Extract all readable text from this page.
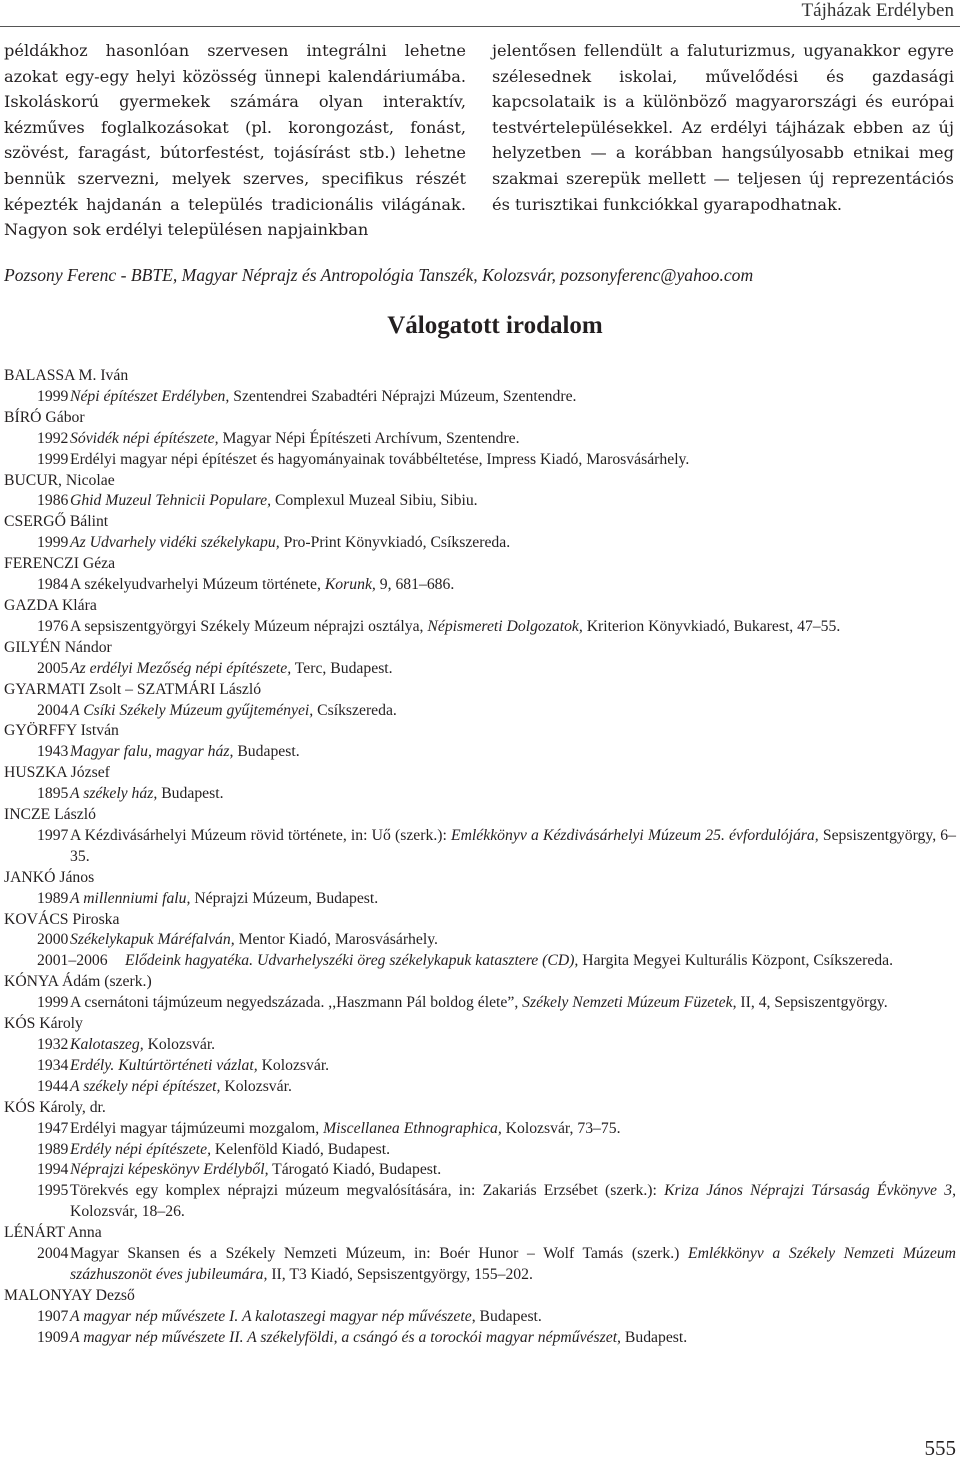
Tájházak Erdélyben

példákhoz hasonlóan szervesen integrálni lehetne azokat egy-egy helyi közösség ünnepi kalendáriumába. Iskoláskorú gyermekek számára olyan interaktív, kézműves foglalkozásokat (pl. korongozást, fonást, szövést, faragást, bútorfestést, tojásírást stb.) lehetne bennük szervezni, melyek szerves, specifikus részét képezték hajdanán a település tradicionális világának. Nagyon sok erdélyi településen napjainkban

jelentősen fellendült a faluturizmus, ugyanakkor egyre szélesednek iskolai, művelődési és gazdasági kapcsolataik is a különböző magyarországi és európai testvértelepülésekkel. Az erdélyi tájházak ebben az új helyzetben — a korábban hangsúlyosabb etnikai meg szakmai szerepük mellett — teljesen új reprezentációs és turisztikai funkciókkal gyarapodhatnak.

Pozsony Ferenc - BBTE, Magyar Néprajz és Antropológia Tanszék, Kolozsvár, pozsonyferenc@yahoo.com
Válogatott irodalom
BALASSA M. Iván
1999 Népi építészet Erdélyben, Szentendrei Szabadtéri Néprajzi Múzeum, Szentendre.
BÍRÓ Gábor
1992 Sóvidék népi építészete, Magyar Népi Építészeti Archívum, Szentendre.
1999 Erdélyi magyar népi építészet és hagyományainak továbbéltetése, Impress Kiadó, Marosvásárhely.
BUCUR, Nicolae
1986 Ghid Muzeul Tehnicii Populare, Complexul Muzeal Sibiu, Sibiu.
CSERGŐ Bálint
1999 Az Udvarhely vidéki székelykapu, Pro-Print Könyvkiadó, Csíkszereda.
FERENCZI Géza
1984 A székelyudvarhelyi Múzeum története, Korunk, 9, 681–686.
GAZDA Klára
1976 A sepsiszentgyörgyi Székely Múzeum néprajzi osztálya, Népismereti Dolgozatok, Kriterion Könyvkiadó, Bukarest, 47–55.
GILYÉN Nándor
2005 Az erdélyi Mezőség népi építészete, Terc, Budapest.
GYARMATI Zsolt – SZATMÁRI László
2004 A Csíki Székely Múzeum gyűjteményei, Csíkszereda.
GYÖRFFY István
1943 Magyar falu, magyar ház, Budapest.
HUSZKA József
1895 A székely ház, Budapest.
INCZE László
1997 A Kézdivásárhelyi Múzeum rövid története, in: Uő (szerk.): Emlékkönyv a Kézdivásárhelyi Múzeum 25. évfordulójára, Sepsiszentgyörgy, 6–35.
JANKÓ János
1989 A millenniumi falu, Néprajzi Múzeum, Budapest.
KOVÁCS Piroska
2000 Székelykapuk Máréfalván, Mentor Kiadó, Marosvásárhely.
2001–2006	Elődeink hagyatéka. Udvarhelyszéki öreg székelykapuk katasztere (CD), Hargita Megyei Kulturális Központ, Csíkszereda.
KÓNYA Ádám (szerk.)
1999 A csernátoni tájmúzeum negyedszázada. ,,Haszmann Pál boldog élete”, Székely Nemzeti Múzeum Füzetek, II, 4, Sepsiszentgyörgy.
KÓS Károly
1932 Kalotaszeg, Kolozsvár.
1934 Erdély. Kultúrtörténeti vázlat, Kolozsvár.
1944 A székely népi építészet, Kolozsvár.
KÓS Károly, dr.
1947 Erdélyi magyar tájmúzeumi mozgalom, Miscellanea Ethnographica, Kolozsvár, 73–75.
1989 Erdély népi építészete, Kelenföld Kiadó, Budapest.
1994 Néprajzi képeskönyv Erdélyből, Tárogató Kiadó, Budapest.
1995 Törekvés egy komplex néprajzi múzeum megvalósítására, in: Zakariás Erzsébet (szerk.): Kriza János Néprajzi Társaság Évkönyve 3, Kolozsvár, 18–26.
LÉNÁRT Anna
2004 Magyar Skansen és a Székely Nemzeti Múzeum, in: Boér Hunor – Wolf Tamás (szerk.) Emlékkönyv a Székely Nemzeti Múzeum százhuszonöt éves jubileumára, II, T3 Kiadó, Sepsiszentgyörgy, 155–202.
MALONYAY Dezső
1907 A magyar nép művészete I. A kalotaszegi magyar nép művészete, Budapest.
1909 A magyar nép művészete II. A székelyföldi, a csángó és a torockói magyar népművészet, Budapest.
555
